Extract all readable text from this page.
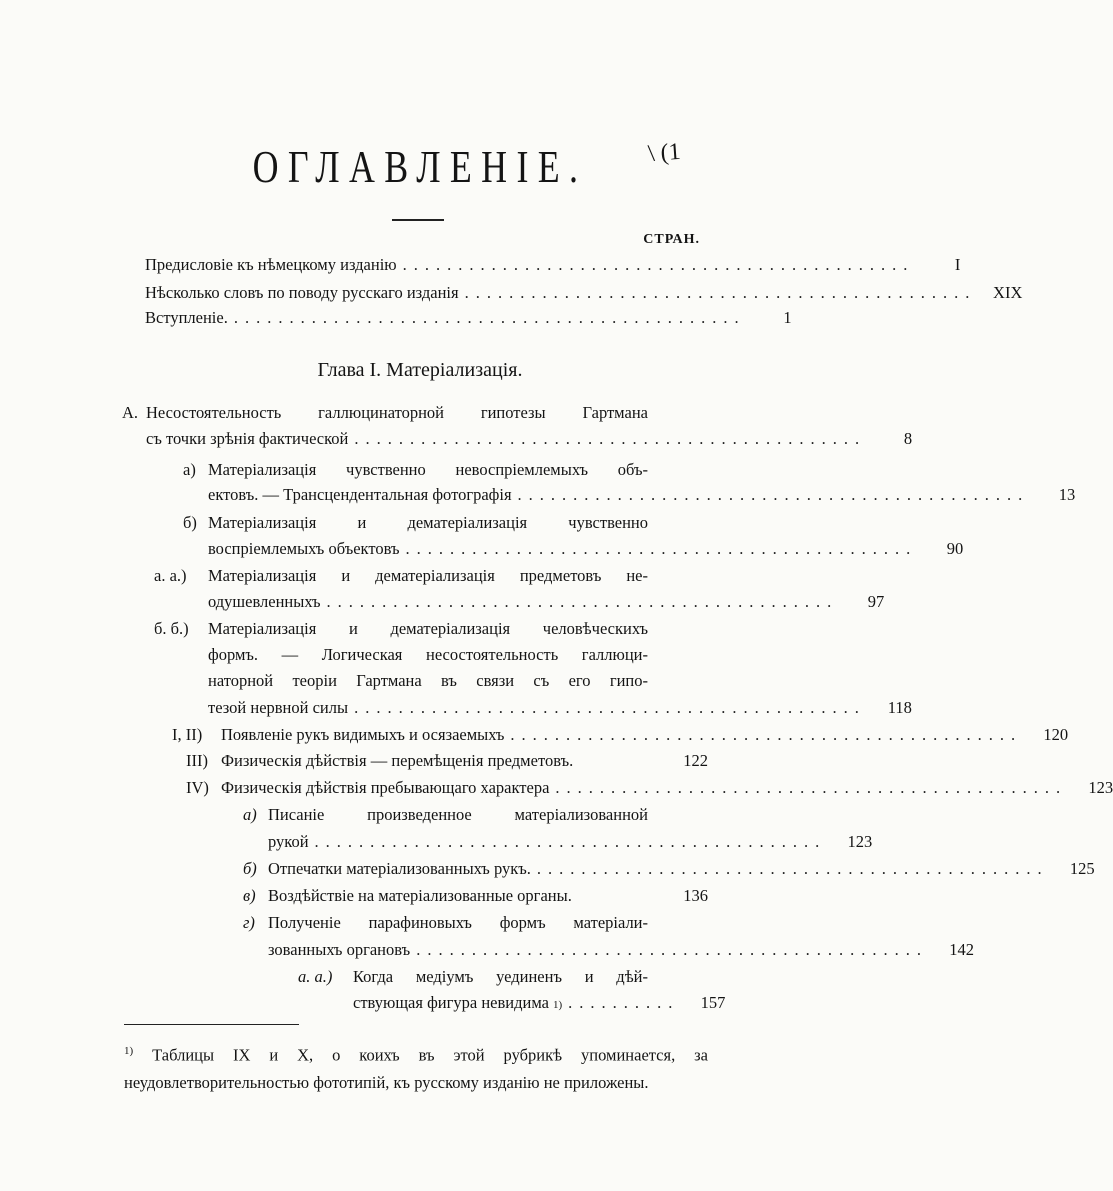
ОГЛАВЛЕНІЕ.	\ (1
СТРАН.
Предисловіе къ нѣмецкому изданію ..............................................	I
Нѣсколько словъ по поводу русскаго изданія ..............................................	XIX
Вступленіе. ..............................................	1
Глава I. Матеріализація.
А. Несостоятельность галлюцинаторной гипотезы Гартмана
съ точки зрѣнія фактической ..............................................	8
а) Матеріализація чувственно невоспріемлемыхъ объ-
ектовъ. — Трансцендентальная фотографія ..............................................	13
б) Матеріализація и дематеріализація чувственно
воспріемлемыхъ объектовъ ..............................................	90
а. а.) Матеріализація и дематеріализація предметовъ не-
одушевленныхъ ..............................................	97
б. б.) Матеріализація и дематеріализація человѣческихъ
формъ. — Логическая несостоятельность галлюци-
наторной теоріи Гартмана въ связи съ его гипо-
тезой нервной силы ..............................................	118
I, II) Появленіе рукъ видимыхъ и осязаемыхъ ..............................................	120
III) Физическія дѣйствія — перемѣщенія предметовъ.	122
IV) Физическія дѣйствія пребывающаго характера ..............................................	123
а) Писаніе произведенное матеріализованной
рукой ..............................................	123
б) Отпечатки матеріализованныхъ рукъ. ..............................................	125
в) Воздѣйствіе на матеріализованные органы.	136
г) Полученіе парафиновыхъ формъ матеріали-
зованныхъ органовъ ..............................................	142
а. а.) Когда медіумъ уединенъ и дѣй-
ствующая фигура невидима 1) ..........	157
$^{1)}$ Таблицы IX и X, о коихъ въ этой рубрикѣ упоминается, за неудовлетворительностью фототипій, къ русскому изданію не приложены.
